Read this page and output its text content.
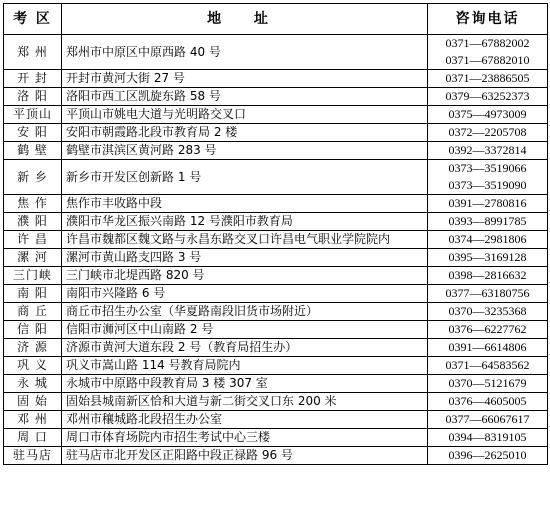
考 区	地 址	咨询电话
郑 州	郑州市中原区中原西路 40 号	0371—67882002
0371—67882010

开 封	开封市黄河大街 27 号	0371—23886505

洛 阳	洛阳市西工区凯旋东路 58 号	0379—63252373

平顶山	平顶山市姚电大道与光明路交叉口	0375—4973009

安 阳	安阳市朝霞路北段市教育局 2 楼	0372—2205708

鹤 壁	鹤壁市淇滨区黄河路 283 号	0392—3372814

新 乡	新乡市开发区创新路 1 号	0373—3519066
0373—3519090

焦 作	焦作市丰收路中段	0391—2780816

濮 阳	濮阳市华龙区振兴南路 12 号濮阳市教育局	0393—8991785

许 昌	许昌市魏都区魏文路与永昌东路交叉口许昌电气职业学院院内	0374—2981806

漯 河	漯河市黄山路支四路 3 号	0395—3169128

三门峡	三门峡市北堤西路 820 号	0398—2816632

南 阳	南阳市兴隆路 6 号	0377—63180756

商 丘	商丘市招生办公室（华夏路南段旧货市场附近）	0370—3235368

信 阳	信阳市浉河区中山南路 2 号	0376—6227762

济 源	济源市黄河大道东段 2 号（教育局招生办）	0391—6614806

巩 义	巩义市嵩山路 114 号教育局院内	0371—64583562

永 城	永城市中原路中段教育局 3 楼 307 室	0370—5121679

固 始	固始县城南新区恰和大道与新二街交叉口东 200 米	0376—4605005

邓 州	邓州市穰城路北段招生办公室	0377—66067617

周 口	周口市体育场院内市招生考试中心三楼	0394—8319105

驻马店	驻马店市北开发区正阳路中段正禄路 96 号	0396—2625010
